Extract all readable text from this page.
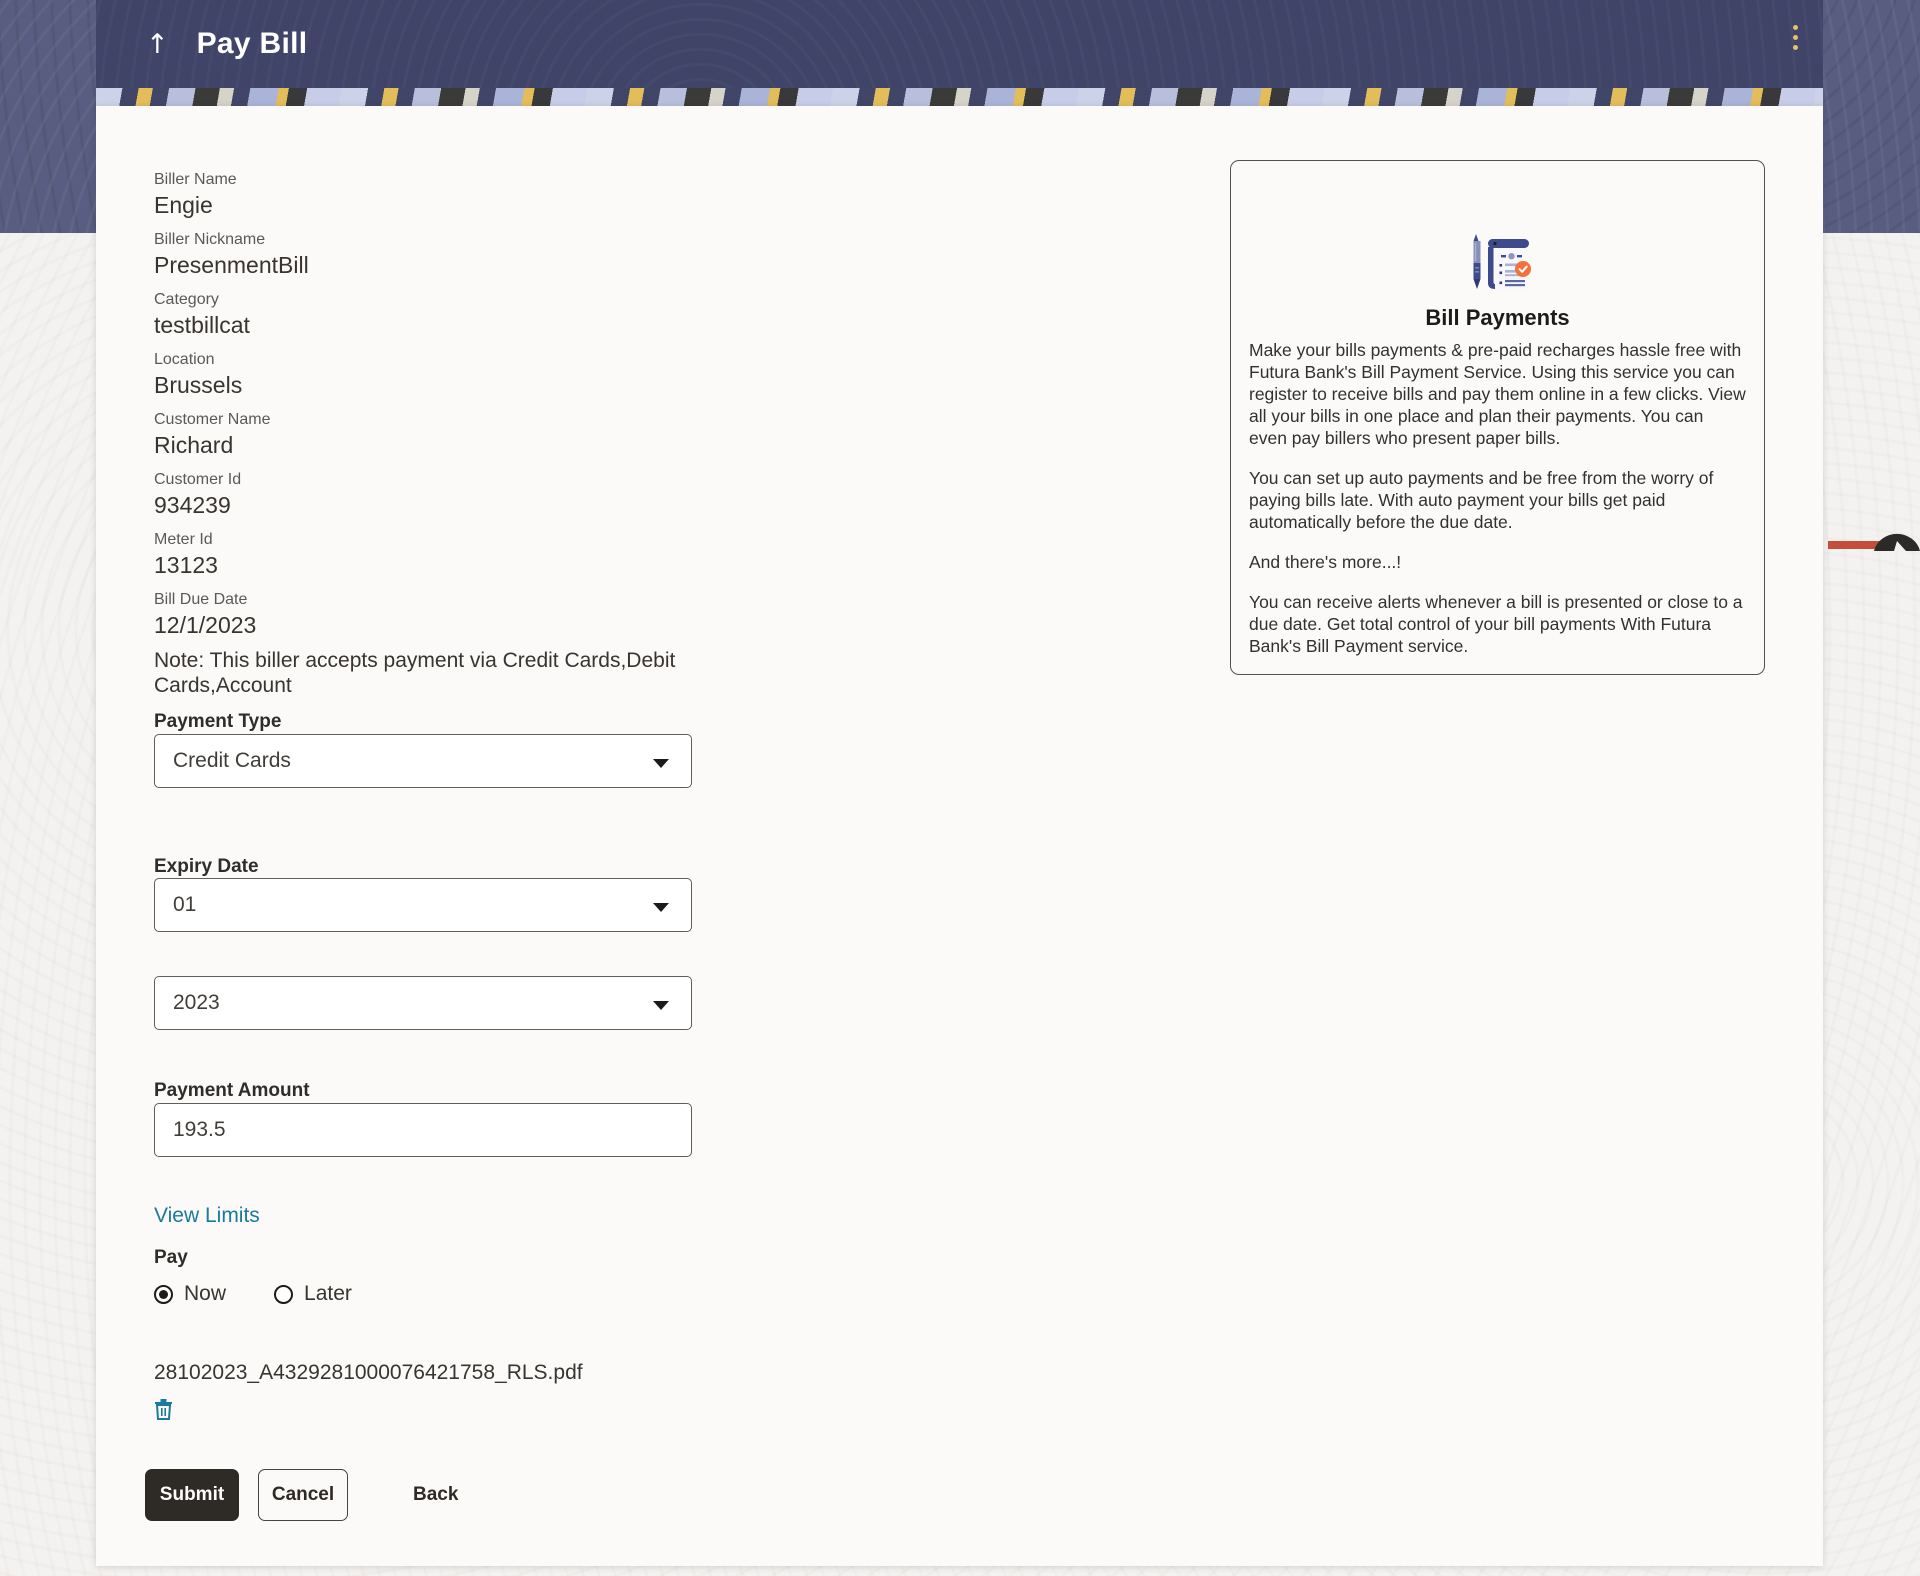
↑ Pay Bill
Biller Name
Engie
Biller Nickname
PresenmentBill
Category
testbillcat
Location
Brussels
Customer Name
Richard
Customer Id
934239
Meter Id
13123
Bill Due Date
12/1/2023
Note: This biller accepts payment via Credit Cards,Debit Cards,Account
Payment Type
Credit Cards
Expiry Date
01
2023
Payment Amount
193.5
View Limits
Pay
Now	Later
28102023_A4329281000076421758_RLS.pdf
Submit	Cancel	Back
Bill Payments

Make your bills payments & pre-paid recharges hassle free with Futura Bank's Bill Payment Service. Using this service you can register to receive bills and pay them online in a few clicks. View all your bills in one place and plan their payments. You can even pay billers who present paper bills.

You can set up auto payments and be free from the worry of paying bills late. With auto payment your bills get paid automatically before the due date.

And there's more...!

You can receive alerts whenever a bill is presented or close to a due date. Get total control of your bill payments With Futura Bank's Bill Payment service.
